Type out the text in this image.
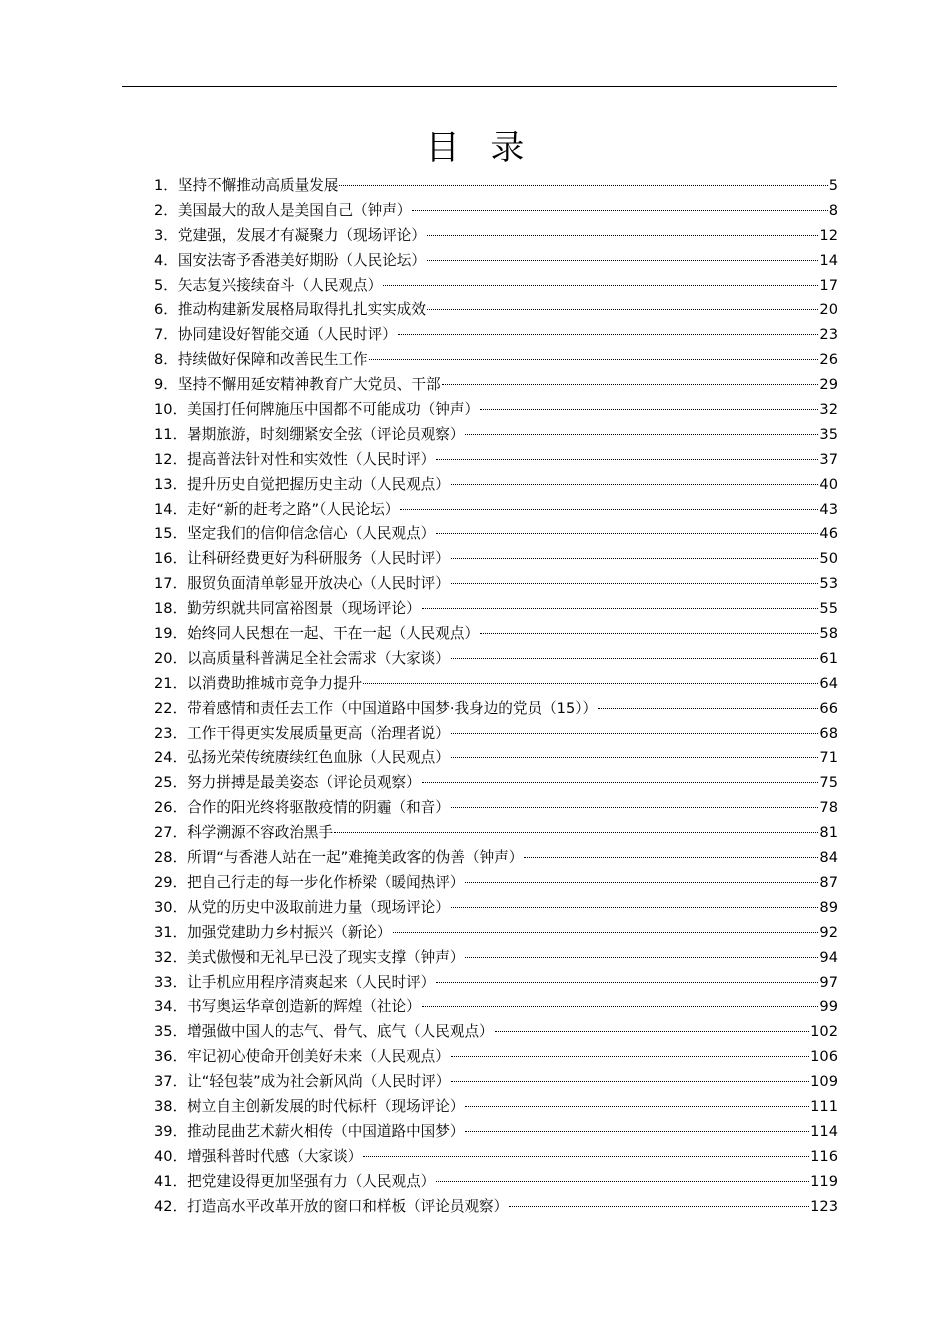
目 录
1． 坚持不懈推动高质量发展	5
2． 美国最大的敌人是美国自己（钟声）	8
3． 党建强，发展才有凝聚力（现场评论）	12
4． 国安法寄予香港美好期盼（人民论坛）	14
5． 矢志复兴接续奋斗（人民观点）	17
6． 推动构建新发展格局取得扎扎实实成效	20
7． 协同建设好智能交通（人民时评）	23
8． 持续做好保障和改善民生工作	26
9． 坚持不懈用延安精神教育广大党员、干部	29
10． 美国打任何牌施压中国都不可能成功（钟声）	32
11． 暑期旅游，时刻绷紧安全弦（评论员观察）	35
12． 提高普法针对性和实效性（人民时评）	37
13． 提升历史自觉把握历史主动（人民观点）	40
14． 走好“新的赶考之路”（人民论坛）	43
15． 坚定我们的信仰信念信心（人民观点）	46
16． 让科研经费更好为科研服务（人民时评）	50
17． 服贸负面清单彰显开放决心（人民时评）	53
18． 勤劳织就共同富裕图景（现场评论）	55
19． 始终同人民想在一起、干在一起（人民观点）	58
20． 以高质量科普满足全社会需求（大家谈）	61
21． 以消费助推城市竞争力提升	64
22． 带着感情和责任去工作（中国道路中国梦·我身边的党员（15））	66
23． 工作干得更实发展质量更高（治理者说）	68
24． 弘扬光荣传统赓续红色血脉（人民观点）	71
25． 努力拼搏是最美姿态（评论员观察）	75
26． 合作的阳光终将驱散疫情的阴霾（和音）	78
27． 科学溯源不容政治黑手	81
28． 所谓“与香港人站在一起”难掩美政客的伪善（钟声）	84
29． 把自己行走的每一步化作桥梁（暖闻热评）	87
30． 从党的历史中汲取前进力量（现场评论）	89
31． 加强党建助力乡村振兴（新论）	92
32． 美式傲慢和无礼早已没了现实支撑（钟声）	94
33． 让手机应用程序清爽起来（人民时评）	97
34． 书写奥运华章创造新的辉煌（社论）	99
35． 增强做中国人的志气、骨气、底气（人民观点）	102
36． 牢记初心使命开创美好未来（人民观点）	106
37． 让“轻包装”成为社会新风尚（人民时评）	109
38． 树立自主创新发展的时代标杆（现场评论）	111
39． 推动昆曲艺术薪火相传（中国道路中国梦）	114
40． 增强科普时代感（大家谈）	116
41． 把党建设得更加坚强有力（人民观点）	119
42． 打造高水平改革开放的窗口和样板（评论员观察）	123
